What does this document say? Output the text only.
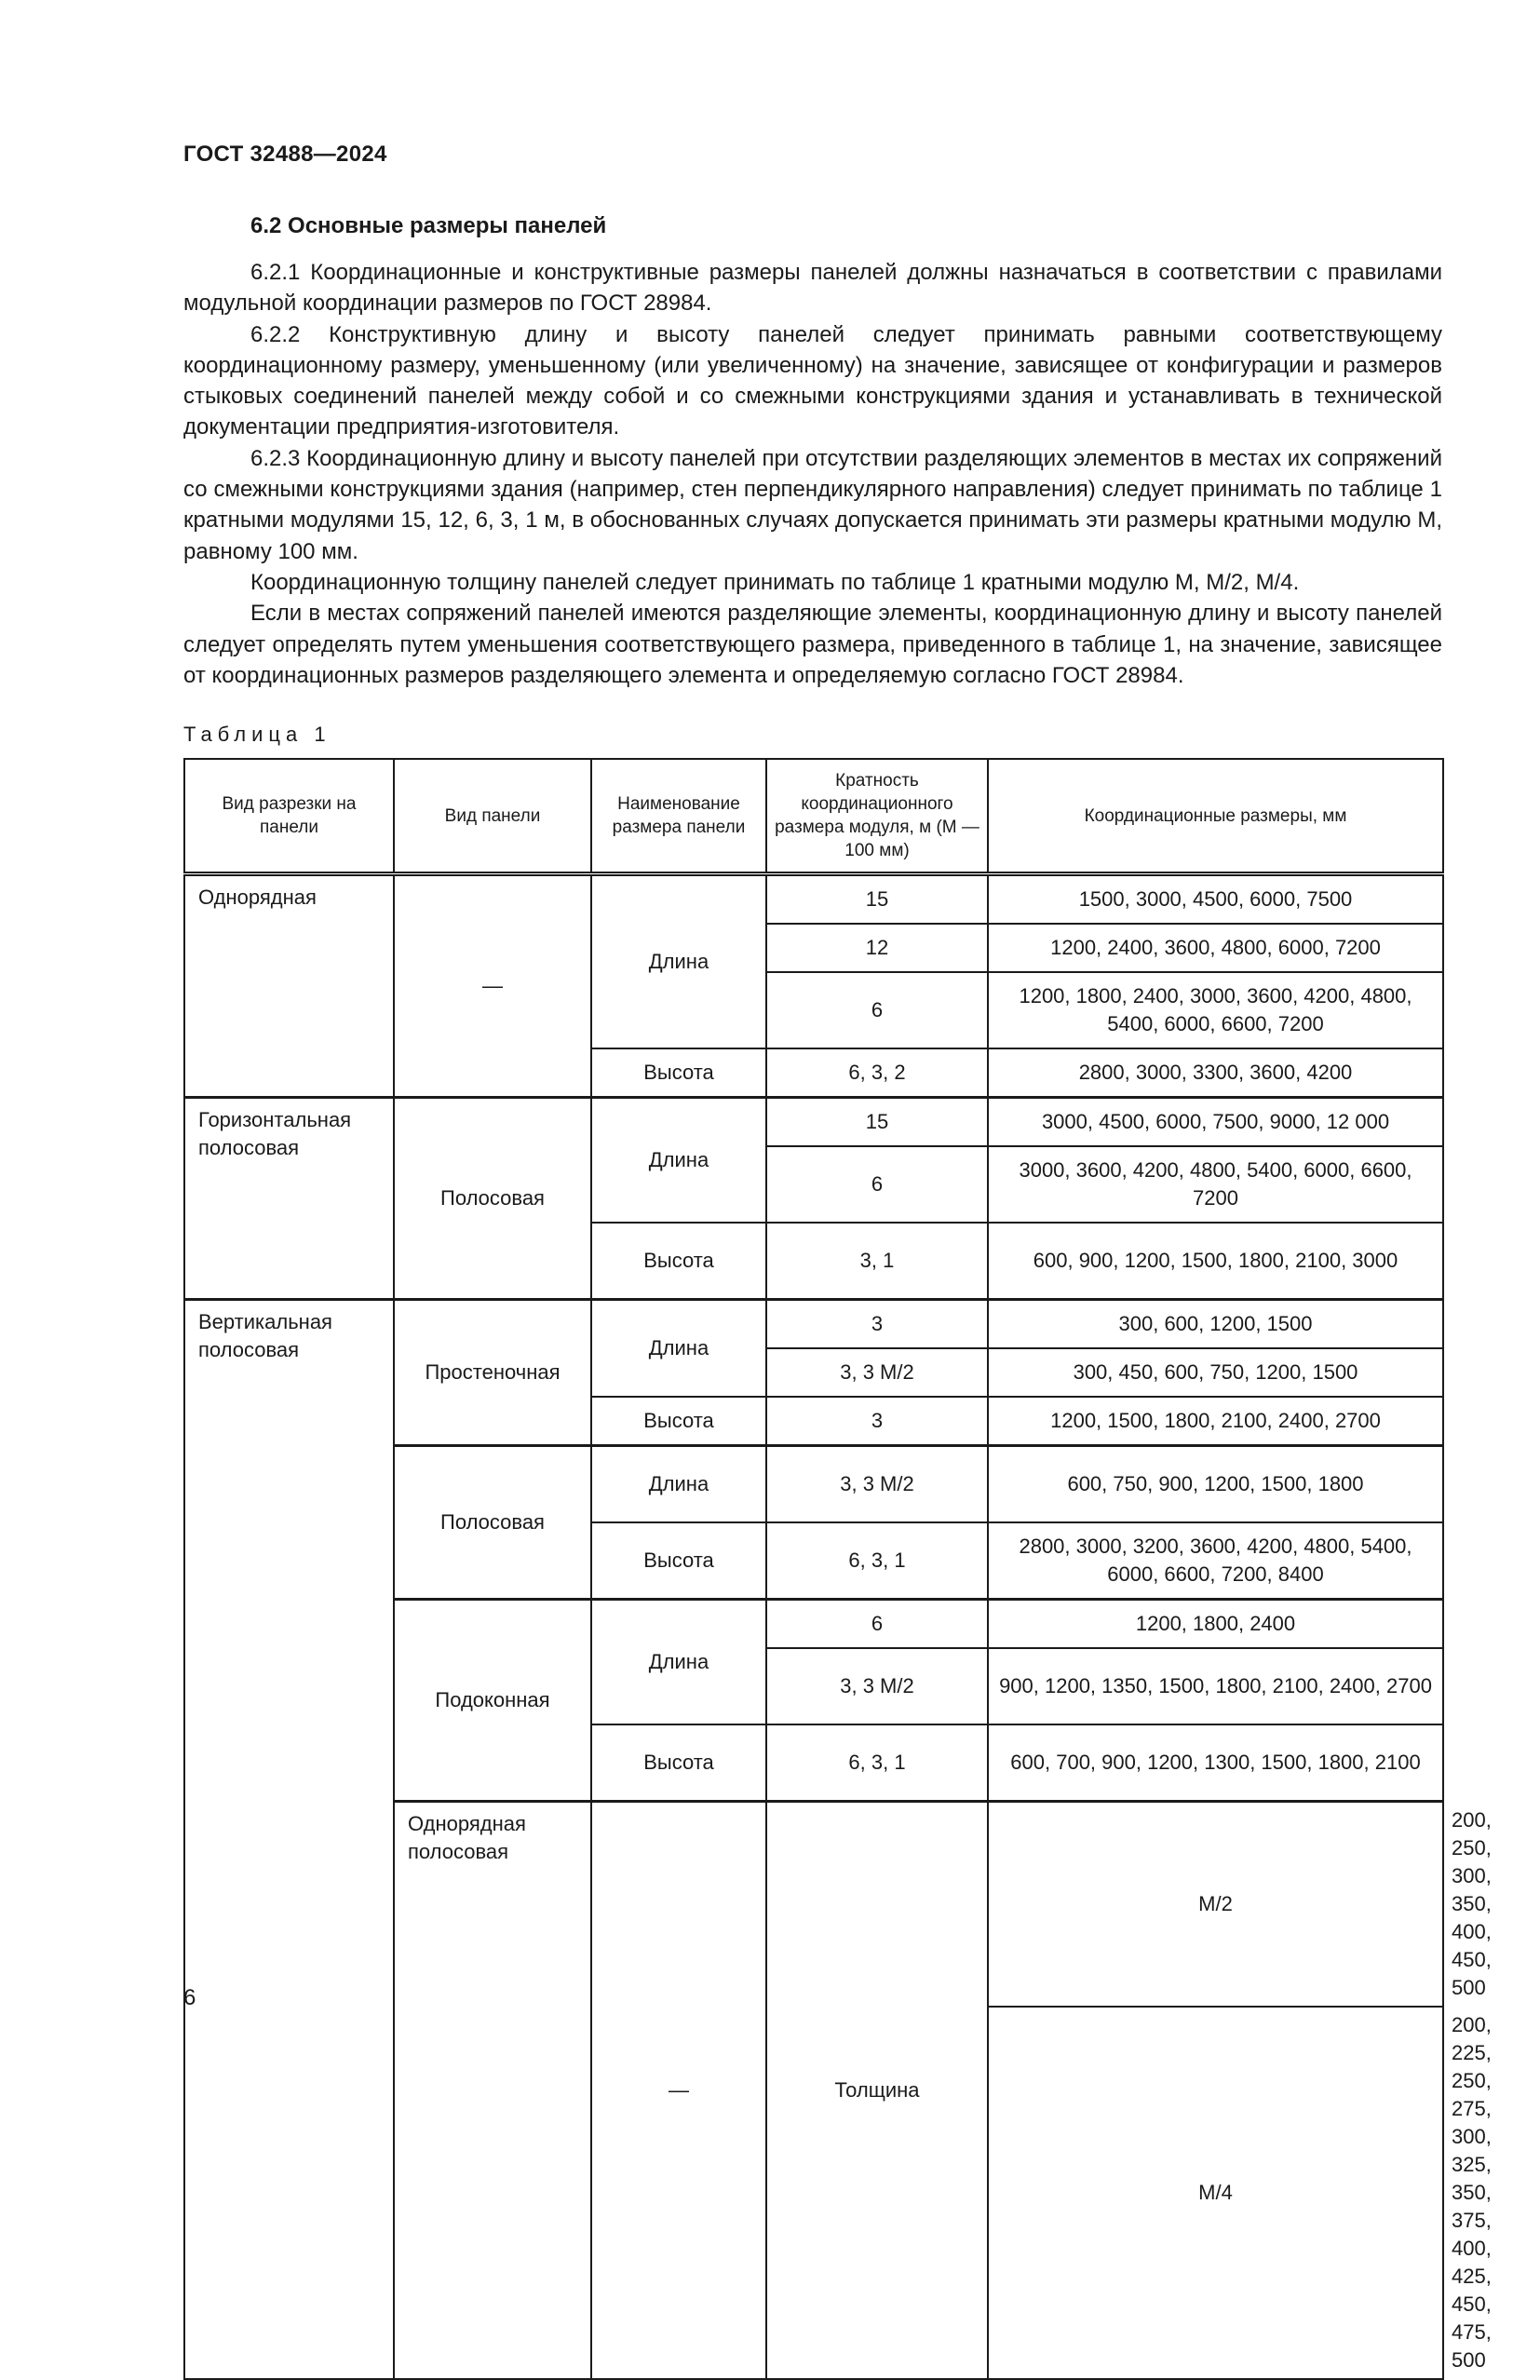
ГОСТ 32488—2024
6.2 Основные размеры панелей

6.2.1 Координационные и конструктивные размеры панелей должны назначаться в соответствии с правилами модульной координации размеров по ГОСТ 28984.

6.2.2 Конструктивную длину и высоту панелей следует принимать равными соответствующему координационному размеру, уменьшенному (или увеличенному) на значение, зависящее от конфигурации и размеров стыковых соединений панелей между собой и со смежными конструкциями здания и устанавливать в технической документации предприятия-изготовителя.

6.2.3 Координационную длину и высоту панелей при отсутствии разделяющих элементов в местах их сопряжений со смежными конструкциями здания (например, стен перпендикулярного направления) следует принимать по таблице 1 кратными модулями 15, 12, 6, 3, 1 м, в обоснованных случаях допускается принимать эти размеры кратными модулю М, равному 100 мм.

Координационную толщину панелей следует принимать по таблице 1 кратными модулю М, М/2, М/4.

Если в местах сопряжений панелей имеются разделяющие элементы, координационную длину и высоту панелей следует определять путем уменьшения соответствующего размера, приведенного в таблице 1, на значение, зависящее от координационных размеров разделяющего элемента и определяемую согласно ГОСТ 28984.

Таблица 1
Вид разрезки на панели	Вид панели	Наименование размера панели	Кратность координационного размера модуля, м (М — 100 мм)	Координационные размеры, мм	
Однорядная	—	Длина	15	1500, 3000, 4500, 6000, 7500	
			12	1200, 2400, 3600, 4800, 6000, 7200	
			6	1200, 1800, 2400, 3000, 3600, 4200, 4800, 5400, 6000, 6600, 7200	
		Высота	6, 3, 2	2800, 3000, 3300, 3600, 4200	
Горизонтальная полосовая	Полосовая	Длина	15	3000, 4500, 6000, 7500, 9000, 12 000	
			6	3000, 3600, 4200, 4800, 5400, 6000, 6600, 7200	
		Высота	3, 1	600, 900, 1200, 1500, 1800, 2100, 3000	
Вертикальная полосовая	Простеночная	Длина	3	300, 600, 1200, 1500	
			3, 3 М/2	300, 450, 600, 750, 1200, 1500	
		Высота	3	1200, 1500, 1800, 2100, 2400, 2700	
	Полосовая	Длина	3, 3 М/2	600, 750, 900, 1200, 1500, 1800	
		Высота	6, 3, 1	2800, 3000, 3200, 3600, 4200, 4800, 5400, 6000, 6600, 7200, 8400	
	Подоконная	Длина	6	1200, 1800, 2400	
			3, 3 М/2	900, 1200, 1350, 1500, 1800, 2100, 2400, 2700	
		Высота	6, 3, 1	600, 700, 900, 1200, 1300, 1500, 1800, 2100	
	Однорядная полосовая	—	Толщина	М/2	200, 250, 300, 350, 400, 450, 500
				М/4	200, 225, 250, 275, 300, 325, 350, 375, 400, 425, 450, 475, 500
6
